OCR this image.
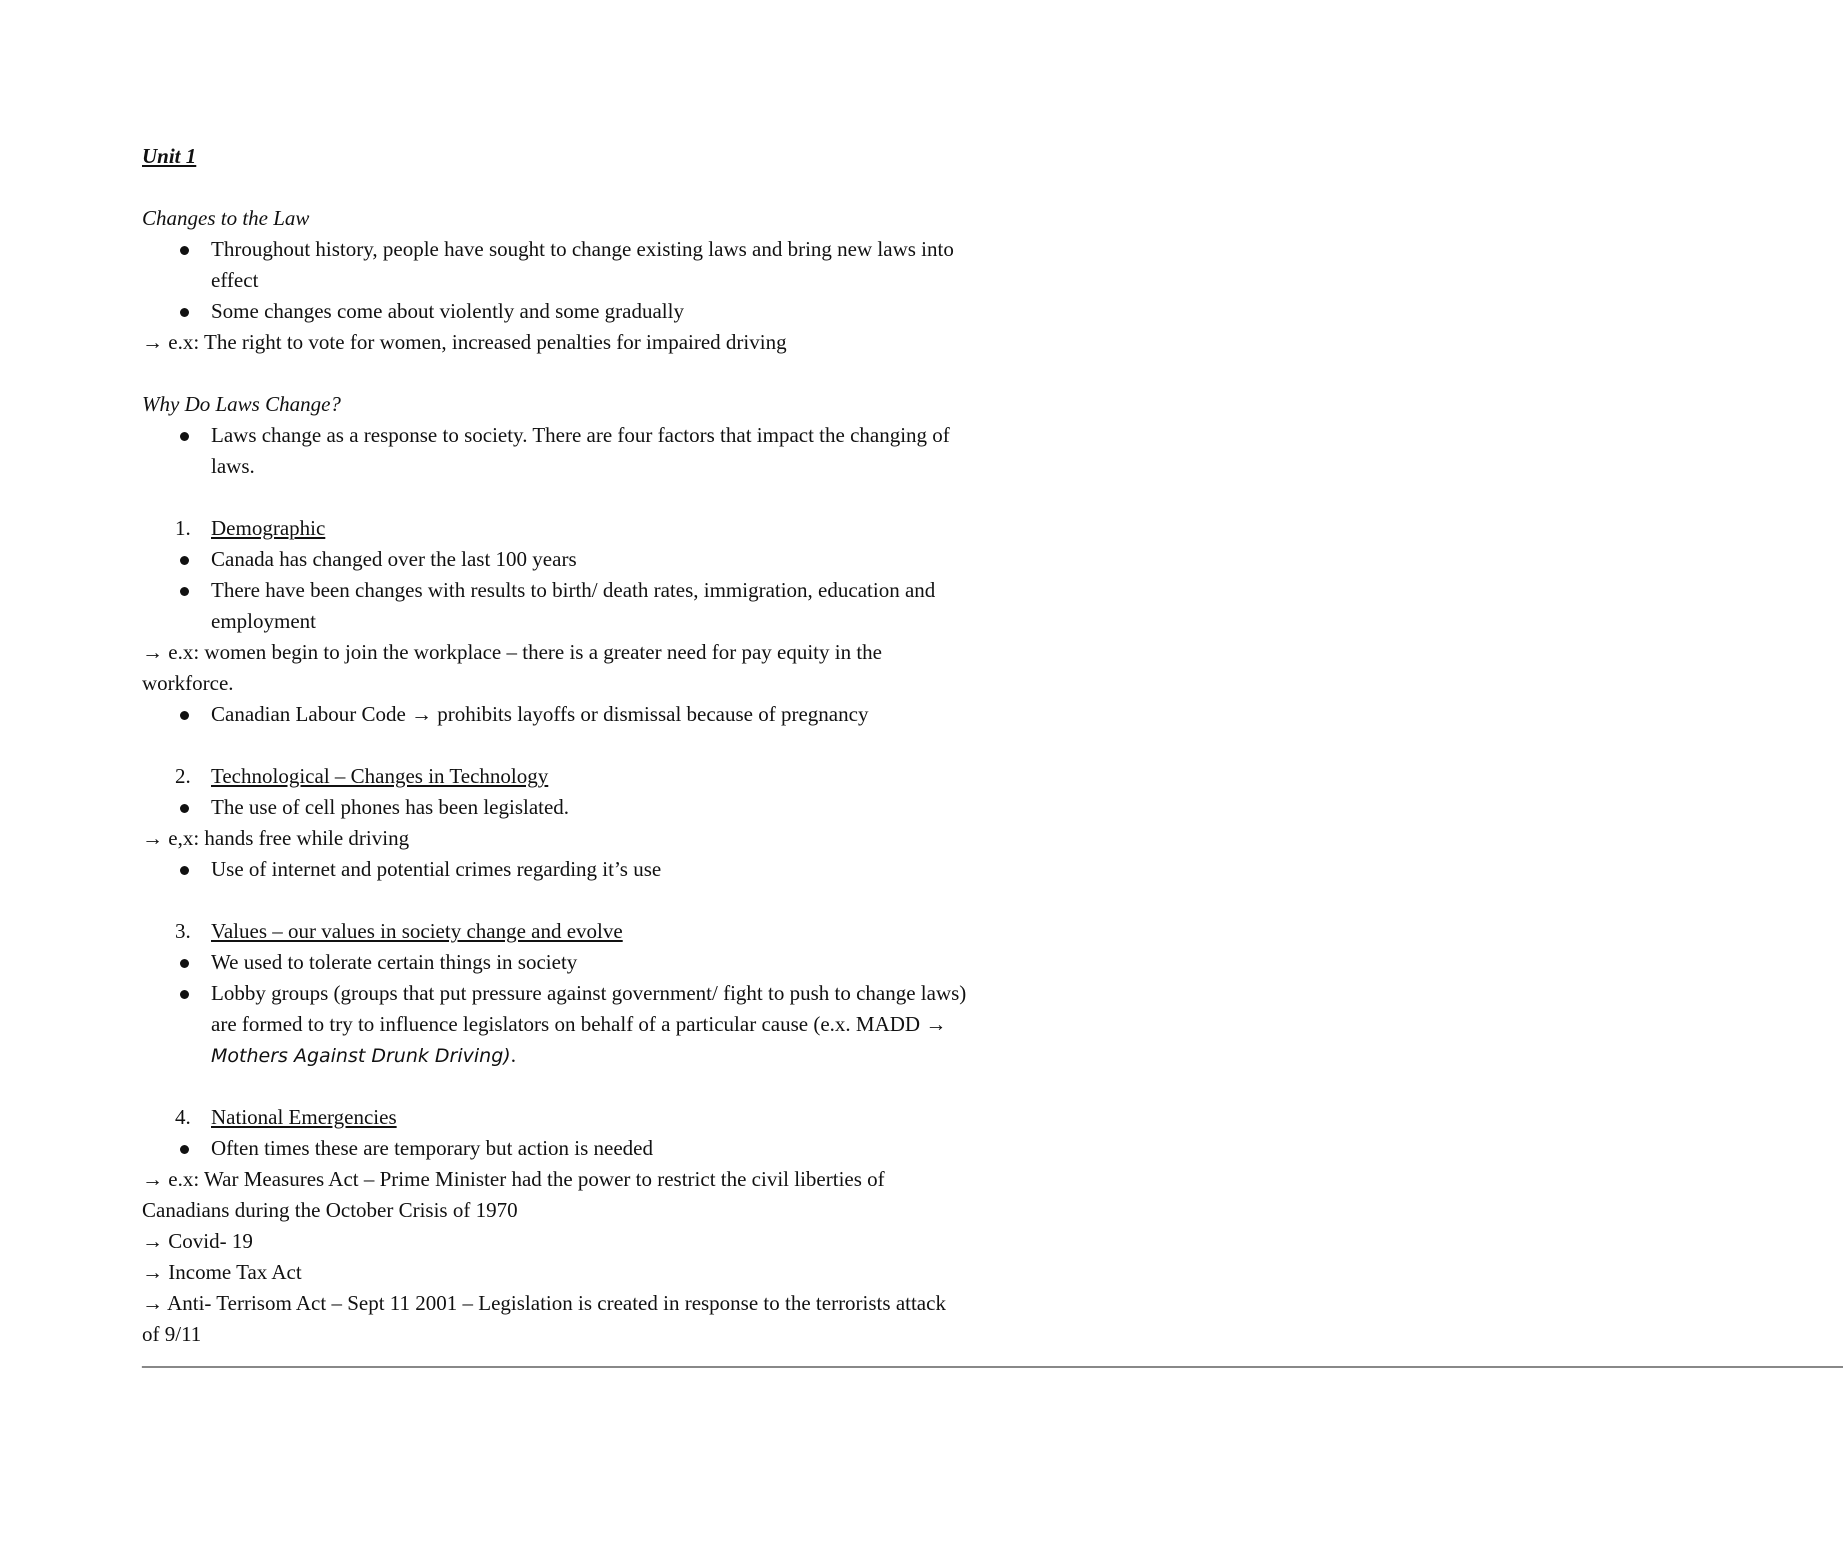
Unit 1
Changes to the Law
Throughout history, people have sought to change existing laws and bring new laws into
effect
Some changes come about violently and some gradually
→ e.x: The right to vote for women, increased penalties for impaired driving
Why Do Laws Change?
Laws change as a response to society. There are four factors that impact the changing of
laws.
1. Demographic
Canada has changed over the last 100 years
There have been changes with results to birth/ death rates, immigration, education and
employment
→ e.x: women begin to join the workplace – there is a greater need for pay equity in the
workforce.
Canadian Labour Code → prohibits layoffs or dismissal because of pregnancy
2. Technological – Changes in Technology
The use of cell phones has been legislated.
→ e,x: hands free while driving
Use of internet and potential crimes regarding it’s use
3. Values – our values in society change and evolve
We used to tolerate certain things in society
Lobby groups (groups that put pressure against government/ fight to push to change laws)
are formed to try to influence legislators on behalf of a particular cause (e.x. MADD →
Mothers Against Drunk Driving).
4. National Emergencies
Often times these are temporary but action is needed
→ e.x: War Measures Act – Prime Minister had the power to restrict the civil liberties of
Canadians during the October Crisis of 1970
→ Covid- 19
→ Income Tax Act
→ Anti- Terrisom Act – Sept 11 2001 – Legislation is created in response to the terrorists attack
of 9/11
—————————————————————————————————————————————————————————————————————————————————
